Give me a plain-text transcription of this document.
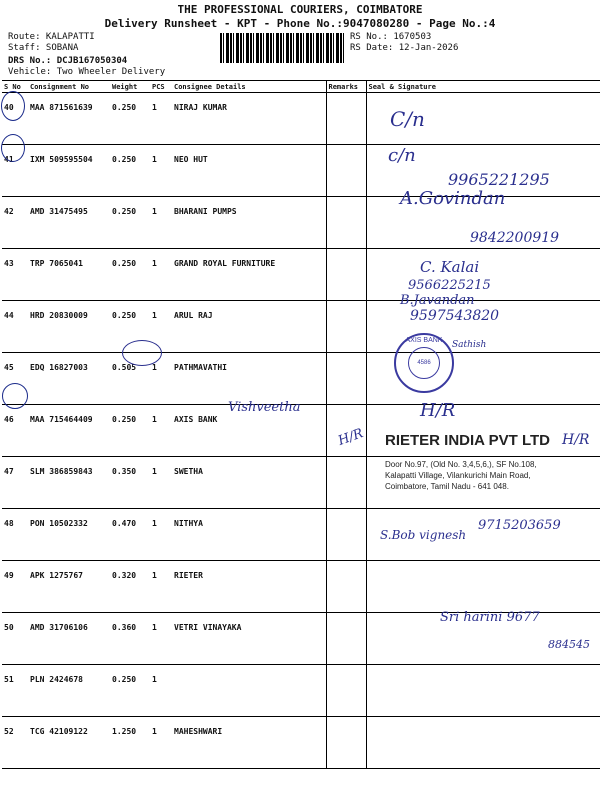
THE PROFESSIONAL COURIERS, COIMBATORE
Delivery Runsheet - KPT - Phone No.:9047080280 - Page No.:4
Route: KALAPATTI
Staff: SOBANA
DRS No.: DCJB167050304
Vehicle: Two Wheeler Delivery
RS No.: 1670503
RS Date: 12-Jan-2026
S No	Consignment No	Weight	PCS	Consignee Details	Remarks	Seal & Signature
40	MAA 871561639	0.250	1	NIRAJ KUMAR		
41	IXM 509595504	0.250	1	NEO HUT		
42	AMD 31475495	0.250	1	BHARANI PUMPS		
43	TRP 7065041	0.250	1	GRAND ROYAL FURNITURE		
44	HRD 20830009	0.250	1	ARUL RAJ		
45	EDQ 16827003	0.505	1	PATHMAVATHI		
46	MAA 715464409	0.250	1	AXIS BANK		
47	SLM 386859843	0.350	1	SWETHA		
48	PON 10502332	0.470	1	NITHYA		
49	APK 1275767	0.320	1	RIETER		
50	AMD 31706106	0.360	1	VETRI VINAYAKA		
51	PLN 2424678	0.250	1			
52	TCG 42109122	1.250	1	MAHESHWARI		
C/n
c/n
9965221295
A.Govindan
9842200919
C. Kalai
9566225215
B.Javandan
9597543820
Sathish
Vishveetha	H/R
H/R	H/R
S.Bob vignesh
9715203659
Sri harini 9677
884545
RIETER INDIA PVT LTD
Door No.97, (Old No. 3,4,5,6,), SF No.108,
Kalapatti Village, Vilankurichi Main Road,
Coimbatore, Tamil Nadu - 641 048.
AXIS BANK
4586
